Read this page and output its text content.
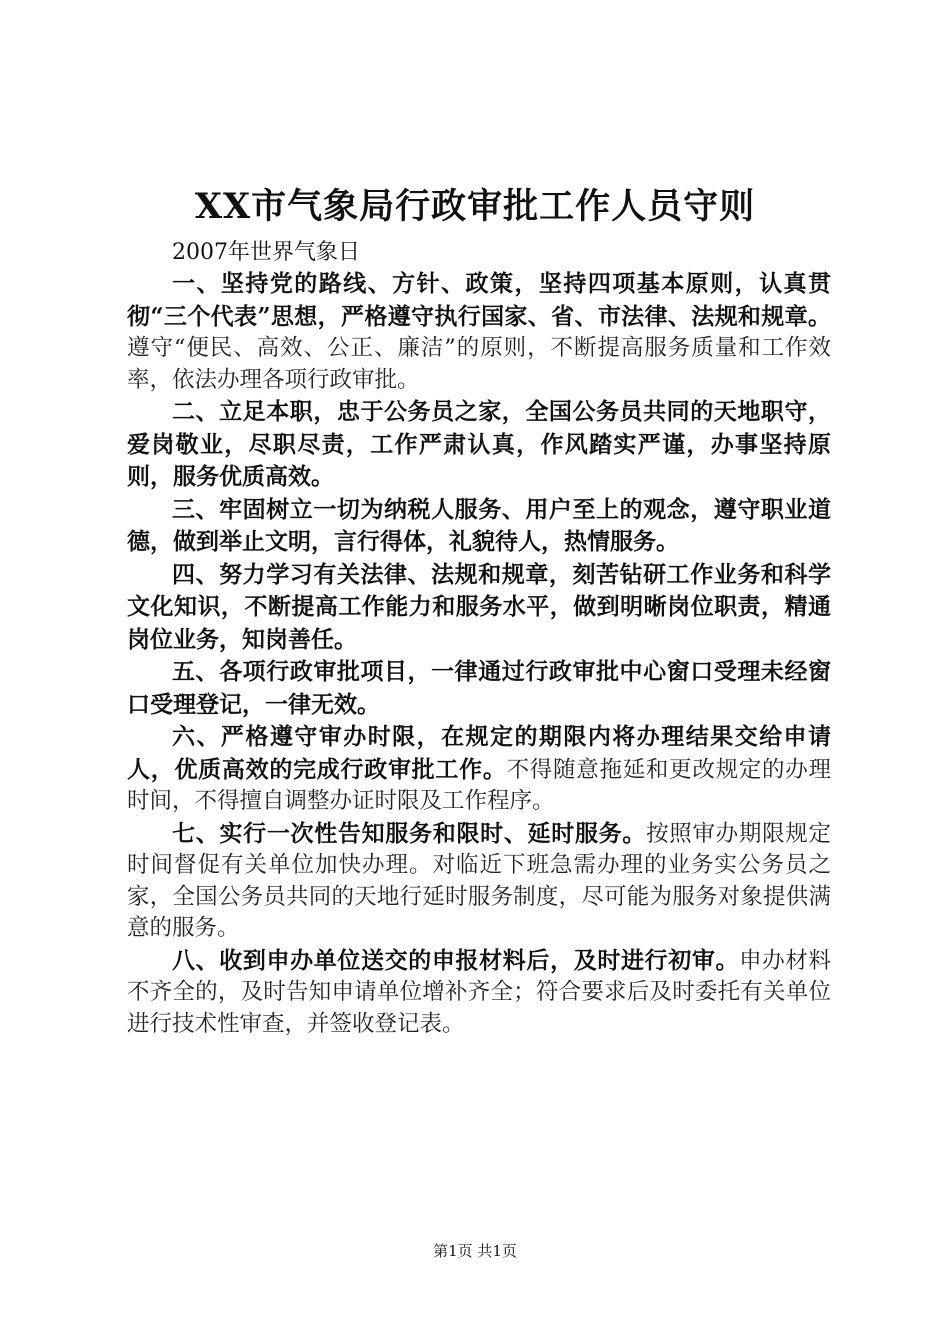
XX市气象局行政审批工作人员守则
2007年世界气象日

一、坚持党的路线、方针、政策，坚持四项基本原则，认真贯彻“三个代表”思想，严格遵守执行国家、省、市法律、法规和规章。遵守“便民、高效、公正、廉洁”的原则，不断提高服务质量和工作效率，依法办理各项行政审批。

二、立足本职，忠于公务员之家，全国公务员共同的天地职守，爱岗敬业，尽职尽责，工作严肃认真，作风踏实严谨，办事坚持原则，服务优质高效。

三、牢固树立一切为纳税人服务、用户至上的观念，遵守职业道德，做到举止文明，言行得体，礼貌待人，热情服务。

四、努力学习有关法律、法规和规章，刻苦钻研工作业务和科学文化知识，不断提高工作能力和服务水平，做到明晰岗位职责，精通岗位业务，知岗善任。

五、各项行政审批项目，一律通过行政审批中心窗口受理未经窗口受理登记，一律无效。

六、严格遵守审办时限，在规定的期限内将办理结果交给申请人，优质高效的完成行政审批工作。不得随意拖延和更改规定的办理时间，不得擅自调整办证时限及工作程序。

七、实行一次性告知服务和限时、延时服务。按照审办期限规定时间督促有关单位加快办理。对临近下班急需办理的业务实公务员之家，全国公务员共同的天地行延时服务制度，尽可能为服务对象提供满意的服务。

八、收到申办单位送交的申报材料后，及时进行初审。申办材料不齐全的，及时告知申请单位增补齐全；符合要求后及时委托有关单位进行技术性审查，并签收登记表。

第1页 共1页
